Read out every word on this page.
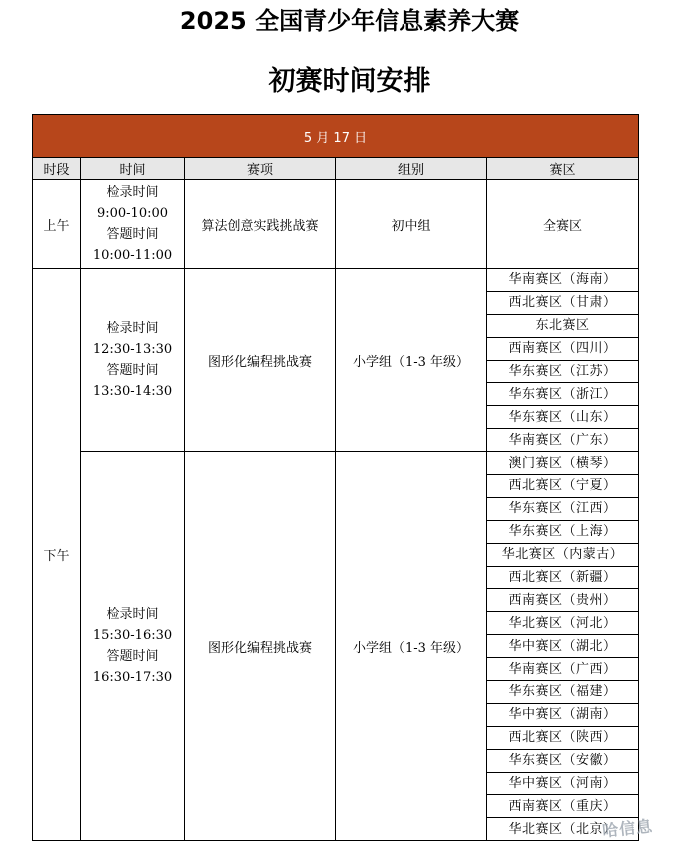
2025 全国青少年信息素养大赛
初赛时间安排
5 月 17 日				
时段	时间	赛项	组别	赛区
上午	检录时间
9:00-10:00
答题时间
10:00-11:00	算法创意实践挑战赛	初中组	全赛区
下午	检录时间
12:30-13:30
答题时间
13:30-14:30	图形化编程挑战赛	小学组（1-3 年级）	华南赛区（海南）
				西北赛区（甘肃）
				东北赛区
				西南赛区（四川）
				华东赛区（江苏）
				华东赛区（浙江）
				华东赛区（山东）
				华南赛区（广东）

	检录时间
15:30-16:30
答题时间
16:30-17:30	图形化编程挑战赛	小学组（1-3 年级）	澳门赛区（横琴）
				西北赛区（宁夏）
				华东赛区（江西）
				华东赛区（上海）
				华北赛区（内蒙古）
				西北赛区（新疆）
				西南赛区（贵州）
				华北赛区（河北）
				华中赛区（湖北）
				华南赛区（广西）
				华东赛区（福建）
				华中赛区（湖南）
				西北赛区（陕西）
				华东赛区（安徽）
				华中赛区（河南）
				西南赛区（重庆）
				华北赛区（北京）
哈信息
